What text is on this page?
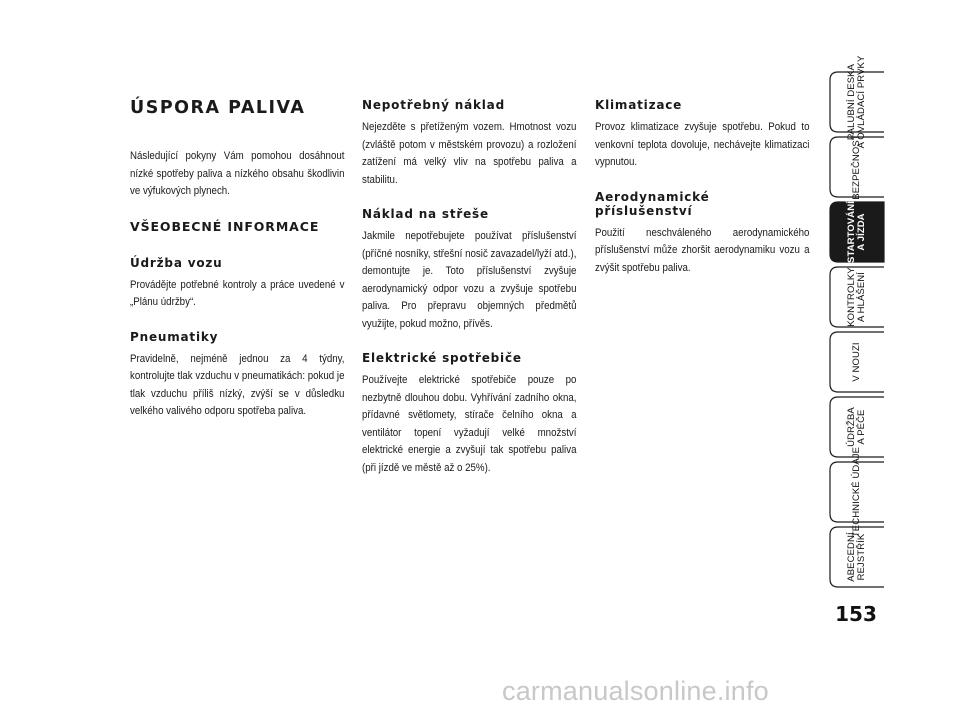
ÚSPORA PALIVA
Následující pokyny Vám pomohou dosáhnout nízké spotřeby paliva a nízkého obsahu škodlivin ve výfukových plynech.
VŠEOBECNÉ INFORMACE
Údržba vozu
Provádějte potřebné kontroly a práce uvedené v „Plánu údržby“.
Pneumatiky
Pravidelně, nejméně jednou za 4 týdny, kontrolujte tlak vzduchu v pneumatikách: pokud je tlak vzduchu příliš nízký, zvýší se v důsledku velkého valivého odporu spotřeba paliva.
Nepotřebný náklad
Nejezděte s přetíženým vozem. Hmotnost vozu (zvláště potom v městském provozu) a rozložení zatížení má velký vliv na spotřebu paliva a stabilitu.
Náklad na střeše
Jakmile nepotřebujete používat příslušenství (příčné nosníky, střešní nosič zavazadel/lyží atd.), demontujte je. Toto příslušenství zvyšuje aerodynamický odpor vozu a zvyšuje spotřebu paliva. Pro přepravu objemných předmětů využijte, pokud možno, přívěs.
Elektrické spotřebiče
Používejte elektrické spotřebiče pouze po nezbytně dlouhou dobu. Vyhřívání zadního okna, přídavné světlomety, stírače čelního okna a ventilátor topení vyžadují velké množství elektrické energie a zvyšují tak spotřebu paliva (při jízdě ve městě až o 25%).
Klimatizace
Provoz klimatizace zvyšuje spotřebu. Pokud to venkovní teplota dovoluje, nechávejte klimatizaci vypnutou.
Aerodynamické příslušenství
Použití neschváleného aerodynamického příslušenství může zhoršit aerodynamiku vozu a zvýšit spotřebu paliva.
PALUBNÍ DESKA
A OVLÁDACÍ PRVKY
BEZPEČNOST
STARTOVÁNÍ
A JÍZDA
KONTROLKY
A HLÁŠENÍ
V NOUZI
ÚDRŽBA
A PÉČE
TECHNICKÉ ÚDAJE
ABECEDNÍ
REJSTŘÍK
153
carmanualsonline.info
